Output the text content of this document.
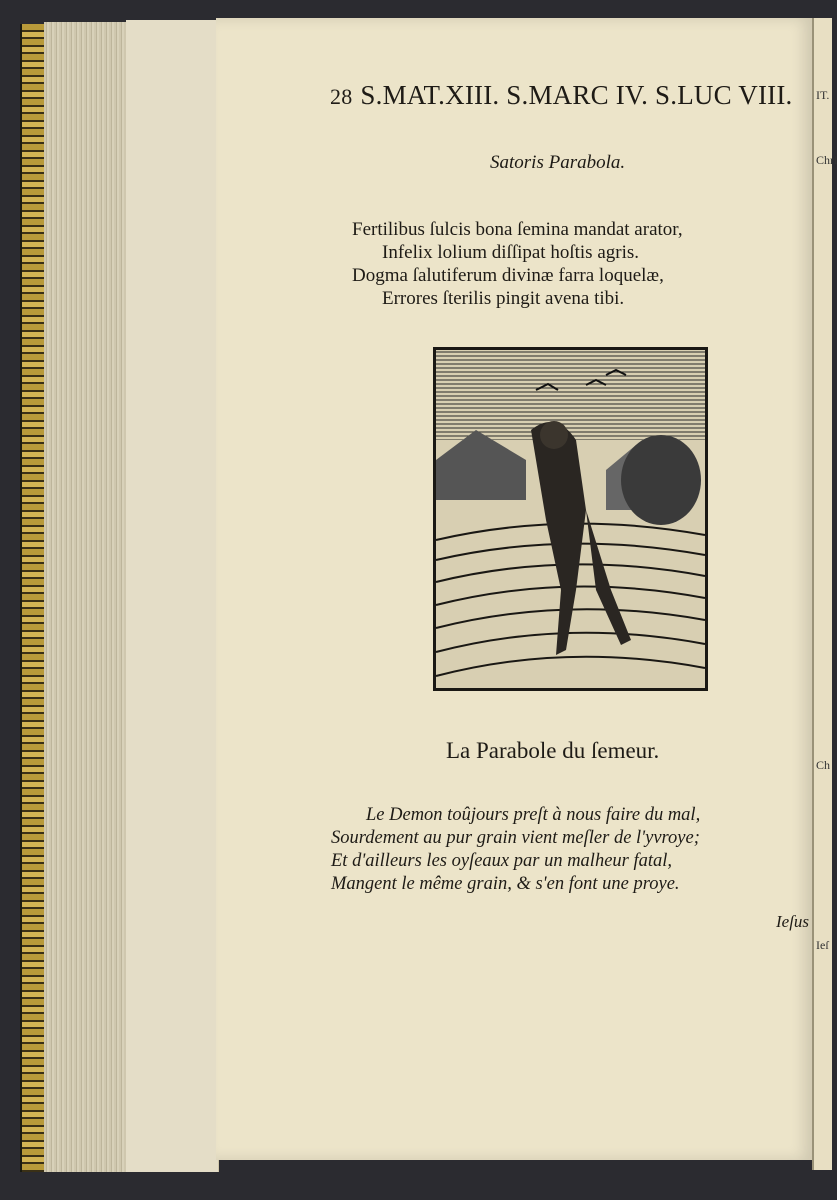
IT.
Chri
Ch
Ieſ
28 S.MAT.XIII. S.MARC IV. S.LUC VIII.
Satoris Parabola.
Fertilibus ſulcis bona ſemina mandat arator,
Infelix lolium diſſipat hoſtis agris.
Dogma ſalutiferum divinæ farra loquelæ,
Errores ſterilis pingit avena tibi.
La Parabole du ſemeur.
Le Demon toûjours preſt à nous faire du mal,
Sourdement au pur grain vient meſler de l'yvroye;
Et d'ailleurs les oyſeaux par un malheur fatal,
Mangent le même grain, & s'en font une proye.
Ieſus
